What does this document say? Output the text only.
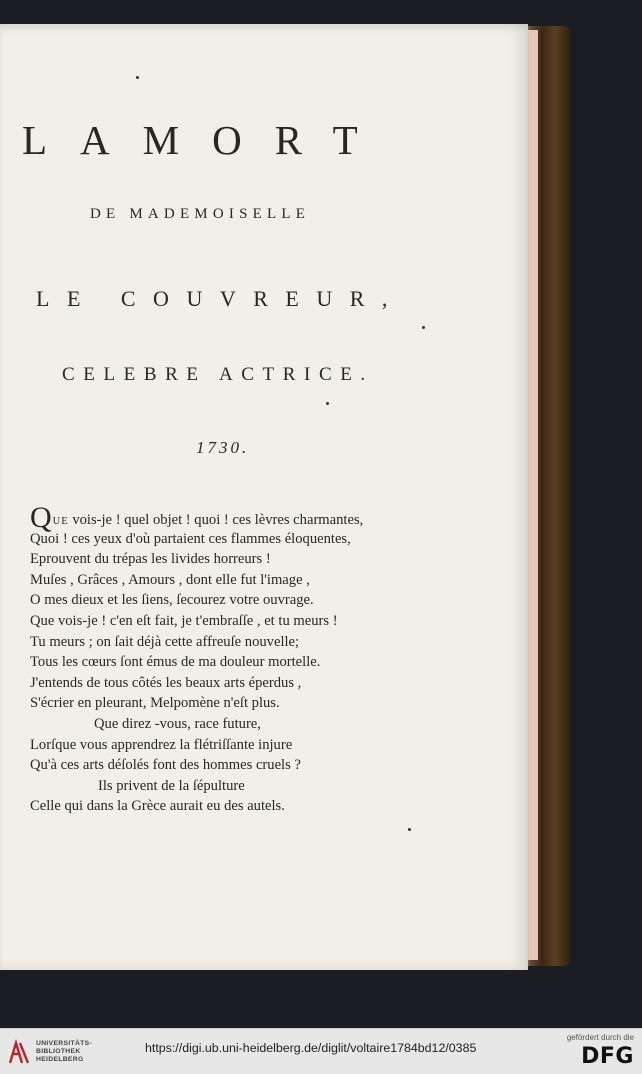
LAMORT
DE MADEMOISELLE
LE COUVREUR,
CELEBRE ACTRICE.
1730.
QUE vois-je ! quel objet ! quoi ! ces lèvres charmantes,
Quoi ! ces yeux d'où partaient ces flammes éloquentes,
Eprouvent du trépas les livides horreurs !
Muſes , Grâces , Amours , dont elle fut l'image ,
O mes dieux et les ſiens, ſecourez votre ouvrage.
Que vois-je ! c'en eſt fait, je t'embraſſe , et tu meurs !
Tu meurs ; on ſait déjà cette affreuſe nouvelle;
Tous les cœurs ſont émus de ma douleur mortelle.
J'entends de tous côtés les beaux arts éperdus ,
S'écrier en pleurant, Melpomène n'eſt plus.
Que direz -vous, race future,
Lorſque vous apprendrez la flétriſſante injure
Qu'à ces arts déſolés font des hommes cruels ?
Ils privent de la ſépulture
Celle qui dans la Grèce aurait eu des autels.
UNIVERSITÄTS-
BIBLIOTHEK
HEIDELBERG
https://digi.ub.uni-heidelberg.de/diglit/voltaire1784bd12/0385
gefördert durch die
DFG
